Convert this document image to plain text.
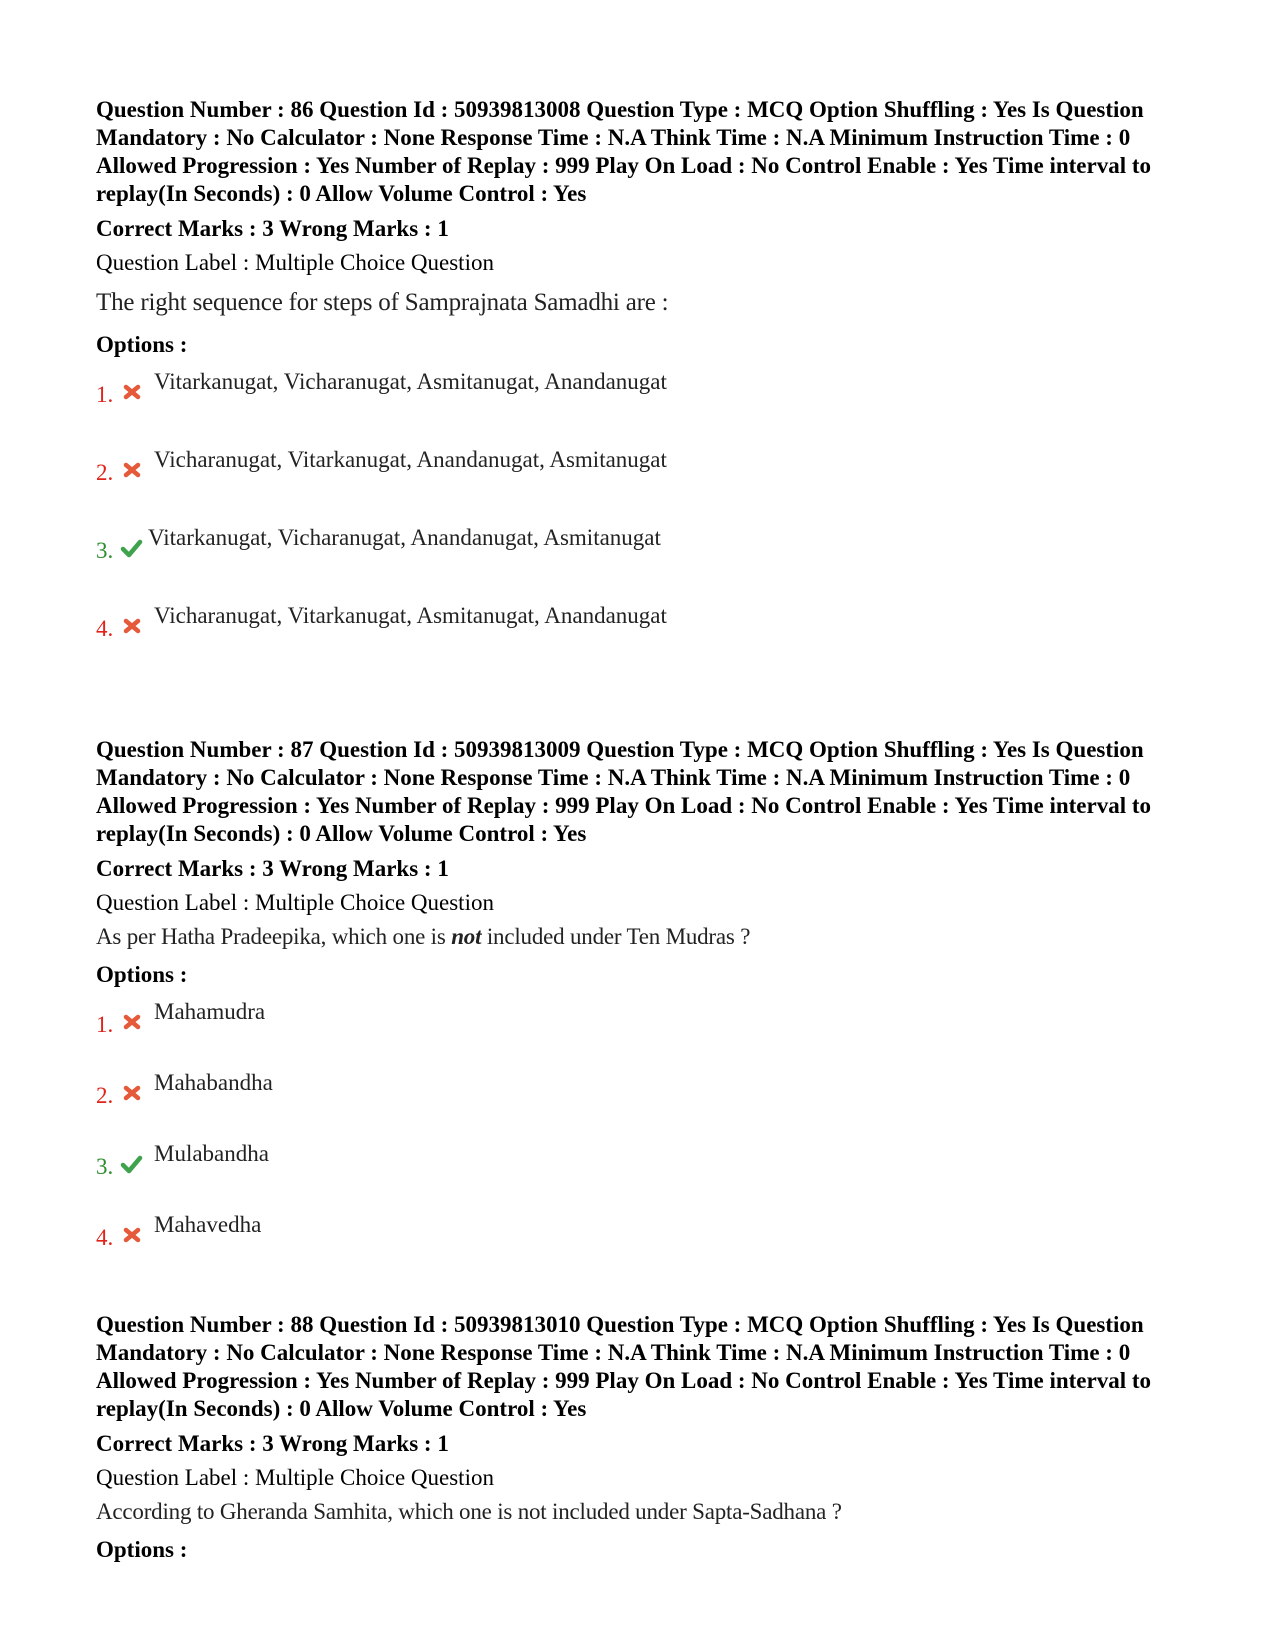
Question Number : 86 Question Id : 50939813008 Question Type : MCQ Option Shuffling : Yes Is Question Mandatory : No Calculator : None Response Time : N.A Think Time : N.A Minimum Instruction Time : 0 Allowed Progression : Yes Number of Replay : 999 Play On Load : No Control Enable : Yes Time interval to replay(In Seconds) : 0 Allow Volume Control : Yes

Correct Marks : 3 Wrong Marks : 1
Question Label : Multiple Choice Question
The right sequence for steps of Samprajnata Samadhi are :
Options :
1.
Vitarkanugat, Vicharanugat, Asmitanugat, Anandanugat
2.
Vicharanugat, Vitarkanugat, Anandanugat, Asmitanugat
3.
Vitarkanugat, Vicharanugat, Anandanugat, Asmitanugat
4.
Vicharanugat, Vitarkanugat, Asmitanugat, Anandanugat

Question Number : 87 Question Id : 50939813009 Question Type : MCQ Option Shuffling : Yes Is Question Mandatory : No Calculator : None Response Time : N.A Think Time : N.A Minimum Instruction Time : 0 Allowed Progression : Yes Number of Replay : 999 Play On Load : No Control Enable : Yes Time interval to replay(In Seconds) : 0 Allow Volume Control : Yes

Correct Marks : 3 Wrong Marks : 1
Question Label : Multiple Choice Question
As per Hatha Pradeepika, which one is not included under Ten Mudras ?
Options :
1.
Mahamudra
2.
Mahabandha
3.
Mulabandha
4.
Mahavedha

Question Number : 88 Question Id : 50939813010 Question Type : MCQ Option Shuffling : Yes Is Question Mandatory : No Calculator : None Response Time : N.A Think Time : N.A Minimum Instruction Time : 0 Allowed Progression : Yes Number of Replay : 999 Play On Load : No Control Enable : Yes Time interval to replay(In Seconds) : 0 Allow Volume Control : Yes

Correct Marks : 3 Wrong Marks : 1
Question Label : Multiple Choice Question
According to Gheranda Samhita, which one is not included under Sapta-Sadhana ?
Options :
